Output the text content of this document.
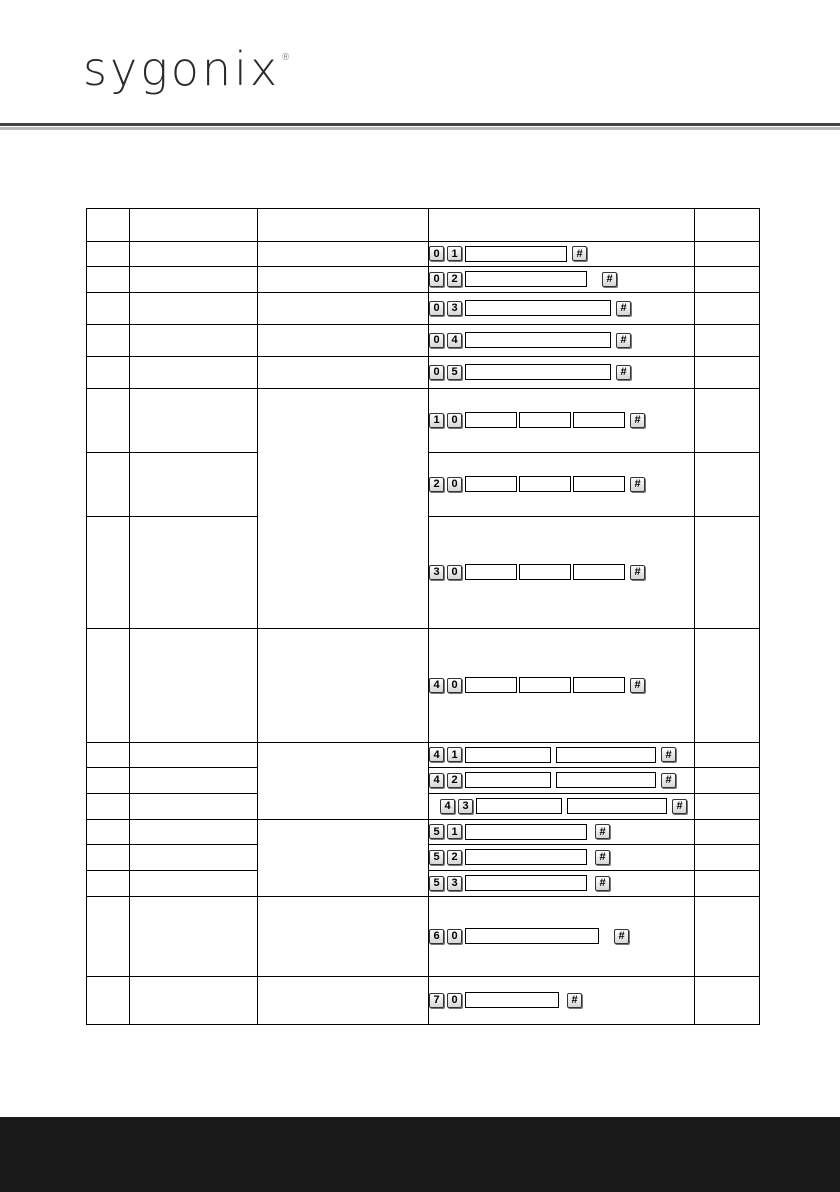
sygonix®

0 1 #	

0 2 #	

0 3 #	

0 4 #	

0 5 #	

1 0 #	

2 0 #	

3 0 #	

4 0 #	

4 1 #	

4 2 #	

4 3 #	

5 1 #	

5 2 #	

5 3 #	

6 0 #	

7 0 #	
